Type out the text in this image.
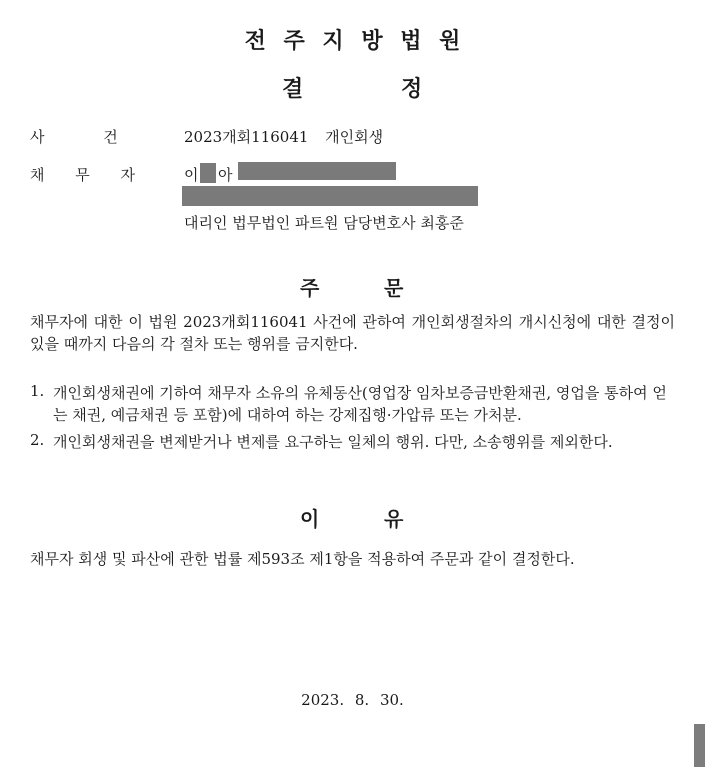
전 주 지 방 법 원
결	정
사 건	2023개회116041 개인회생
채 무 자	이 아
대리인 법무법인 파트원 담당변호사 최홍준
주	문
채무자에 대한 이 법원 2023개회116041 사건에 관하여 개인회생절차의 개시신청에 대한 결정이 있을 때까지 다음의 각 절차 또는 행위를 금지한다.
1. 개인회생채권에 기하여 채무자 소유의 유체동산(영업장 임차보증금반환채권, 영업을 통하여 얻는 채권, 예금채권 등 포함)에 대하여 하는 강제집행·가압류 또는 가처분.
2. 개인회생채권을 변제받거나 변제를 요구하는 일체의 행위. 다만, 소송행위를 제외한다.
이	유
채무자 회생 및 파산에 관한 법률 제593조 제1항을 적용하여 주문과 같이 결정한다.
2023. 8. 30.
